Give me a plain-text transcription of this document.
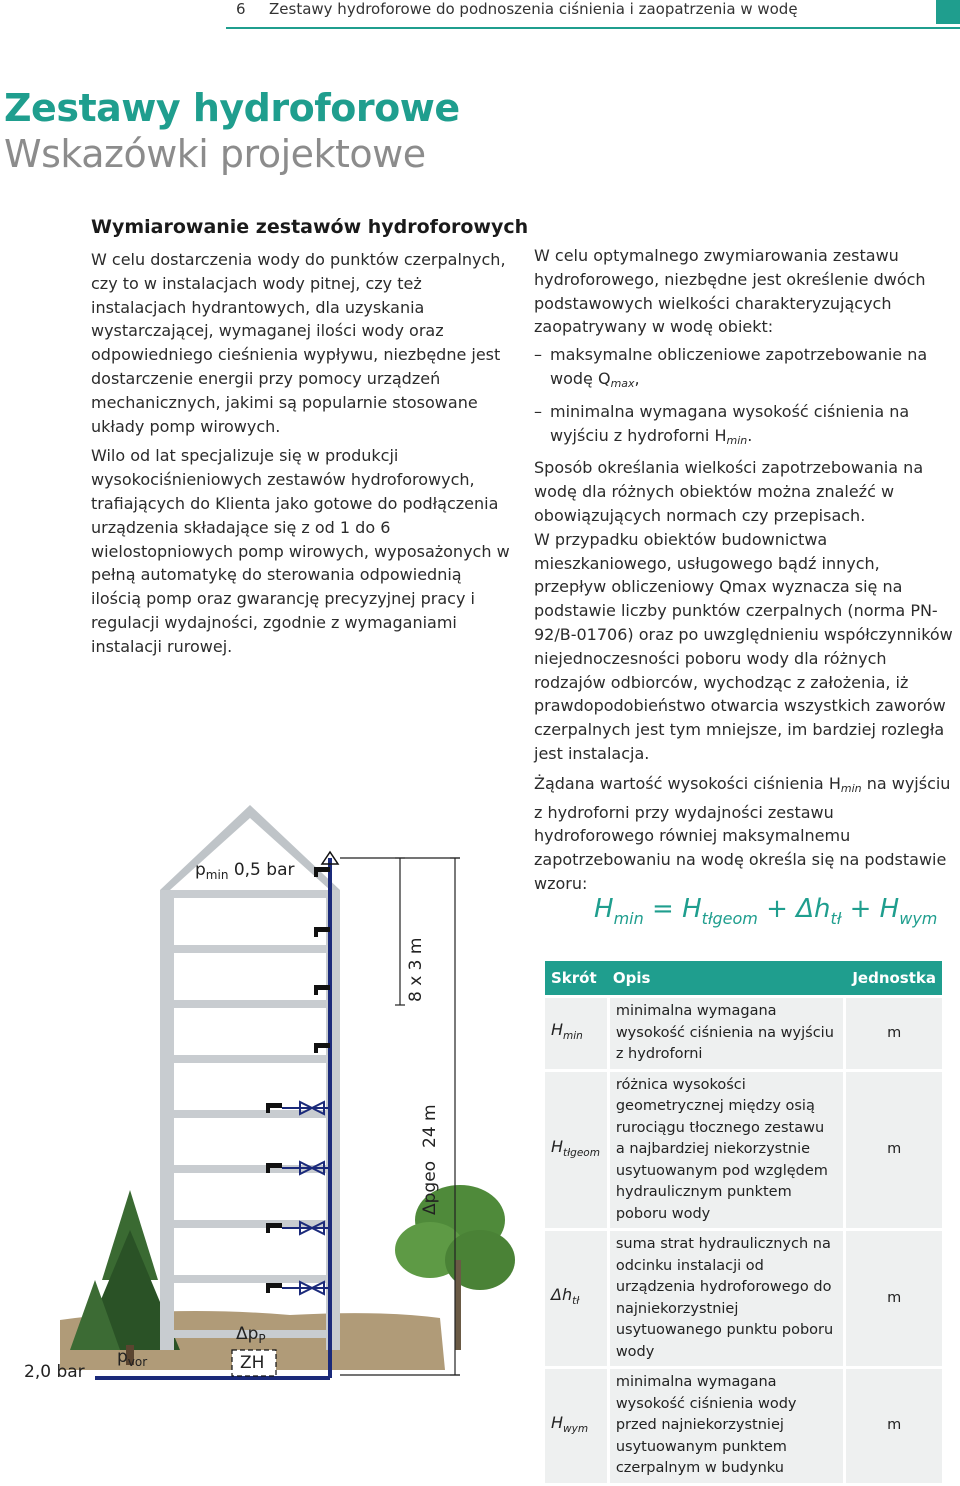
6 Zestawy hydroforowe do podnoszenia ciśnienia i zaopatrzenia w wodę
Zestawy hydroforowe
Wskazówki projektowe
Wymiarowanie zestawów hydroforowych

W celu dostarczenia wody do punktów czerpalnych, czy to w instalacjach wody pitnej, czy też instalacjach hydrantowych, dla uzyskania wystarczającej, wymaganej ilości wody oraz odpowiedniego cieśnienia wypływu, niezbędne jest dostarczenie energii przy pomocy urządzeń mechanicznych, jakimi są popularnie stosowane układy pomp wirowych.

Wilo od lat specjalizuje się w produkcji wysokociśnieniowych zestawów hydroforowych, trafiających do Klienta jako gotowe do podłączenia urządzenia składające się z od 1 do 6 wielostopniowych pomp wirowych, wyposażonych w pełną automatykę do sterowania odpowiednią ilością pomp oraz gwarancję precyzyjnej pracy i regulacji wydajności, zgodnie z wymaganiami instalacji rurowej.

W celu optymalnego zwymiarowania zestawu hydroforowego, niezbędne jest określenie dwóch podstawowych wielkości charakteryzujących zaopatrywany w wodę obiekt:

– maksymalne obliczeniowe zapotrzebowanie na wodę $Q_{max}$,
– minimalna wymagana wysokość ciśnienia na wyjściu z hydroforni $H_{min}$.

Sposób określania wielkości zapotrzebowania na wodę dla różnych obiektów można znaleźć w obowiązujących normach czy przepisach.

W przypadku obiektów budownictwa mieszkaniowego, usługowego bądź innych, przepływ obliczeniowy Qmax wyznacza się na podstawie liczby punktów czerpalnych (norma PN-92/B-01706) oraz po uwzględnieniu współczynników niejednoczesności poboru wody dla różnych rodzajów odbiorców, wychodząc z założenia, iż prawdopodobieństwo otwarcia wszystkich zaworów czerpalnych jest tym mniejsze, im bardziej rozległa jest instalacja.

Żądana wartość wysokości ciśnienia $H_{min}$ na wyjściu z hydroforni przy wydajności zestawu hydroforowego równiej maksymalnemu zapotrzebowaniu na wodę określa się na podstawie wzoru:

$H_{min} = H_{tłgeom} + \Delta h_{tł} + H_{wym}$
Skrót	Opis	Jednostka
$H_{min}$	minimalna wymagana wysokość ciśnienia na wyjściu z hydroforni	m
$H_{tłgeom}$	różnica wysokości geometrycznej między osią rurociągu tłocznego zestawu a najbardziej niekorzystnie usytuowanym pod względem hydraulicznym punktem poboru wody	m
$\Delta h_{tł}$	suma strat hydraulicznych na odcinku instalacji od urządzenia hydroforowego do najniekorzystniej usytuowanego punktu poboru wody	m
$H_{wym}$	minimalna wymagana wysokość ciśnienia wody przed najniekorzystniej usytuowanym punktem czerpalnym w budynku	m
$p_{min}$ 0,5 bar
8 x 3 m
24 m
Δpgeo
$\Delta p_P$
ZH
$p_{vor}$
2,0 bar
